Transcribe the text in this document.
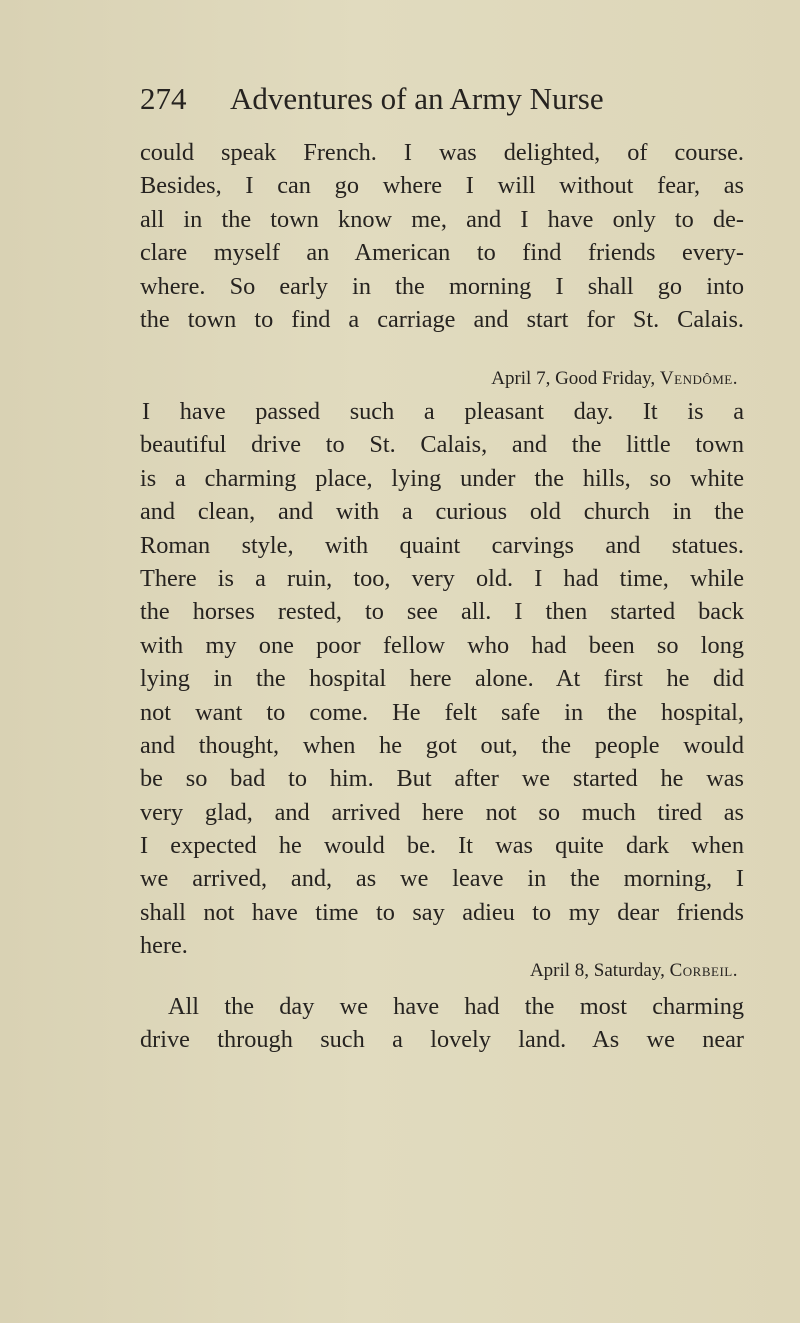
274 Adventures of an Army Nurse
could speak French. I was delighted, of course.
Besides, I can go where I will without fear, as
all in the town know me, and I have only to de-
clare myself an American to find friends every-
where. So early in the morning I shall go into
the town to find a carriage and start for St. Calais.
April 7, Good Friday, Vendôme.
I have passed such a pleasant day. It is a
beautiful drive to St. Calais, and the little town
is a charming place, lying under the hills, so white
and clean, and with a curious old church in the
Roman style, with quaint carvings and statues.
There is a ruin, too, very old. I had time, while
the horses rested, to see all. I then started back
with my one poor fellow who had been so long
lying in the hospital here alone. At first he did
not want to come. He felt safe in the hospital,
and thought, when he got out, the people would
be so bad to him. But after we started he was
very glad, and arrived here not so much tired as
I expected he would be. It was quite dark when
we arrived, and, as we leave in the morning, I
shall not have time to say adieu to my dear friends
here.
April 8, Saturday, Corbeil.
All the day we have had the most charming
drive through such a lovely land. As we near
